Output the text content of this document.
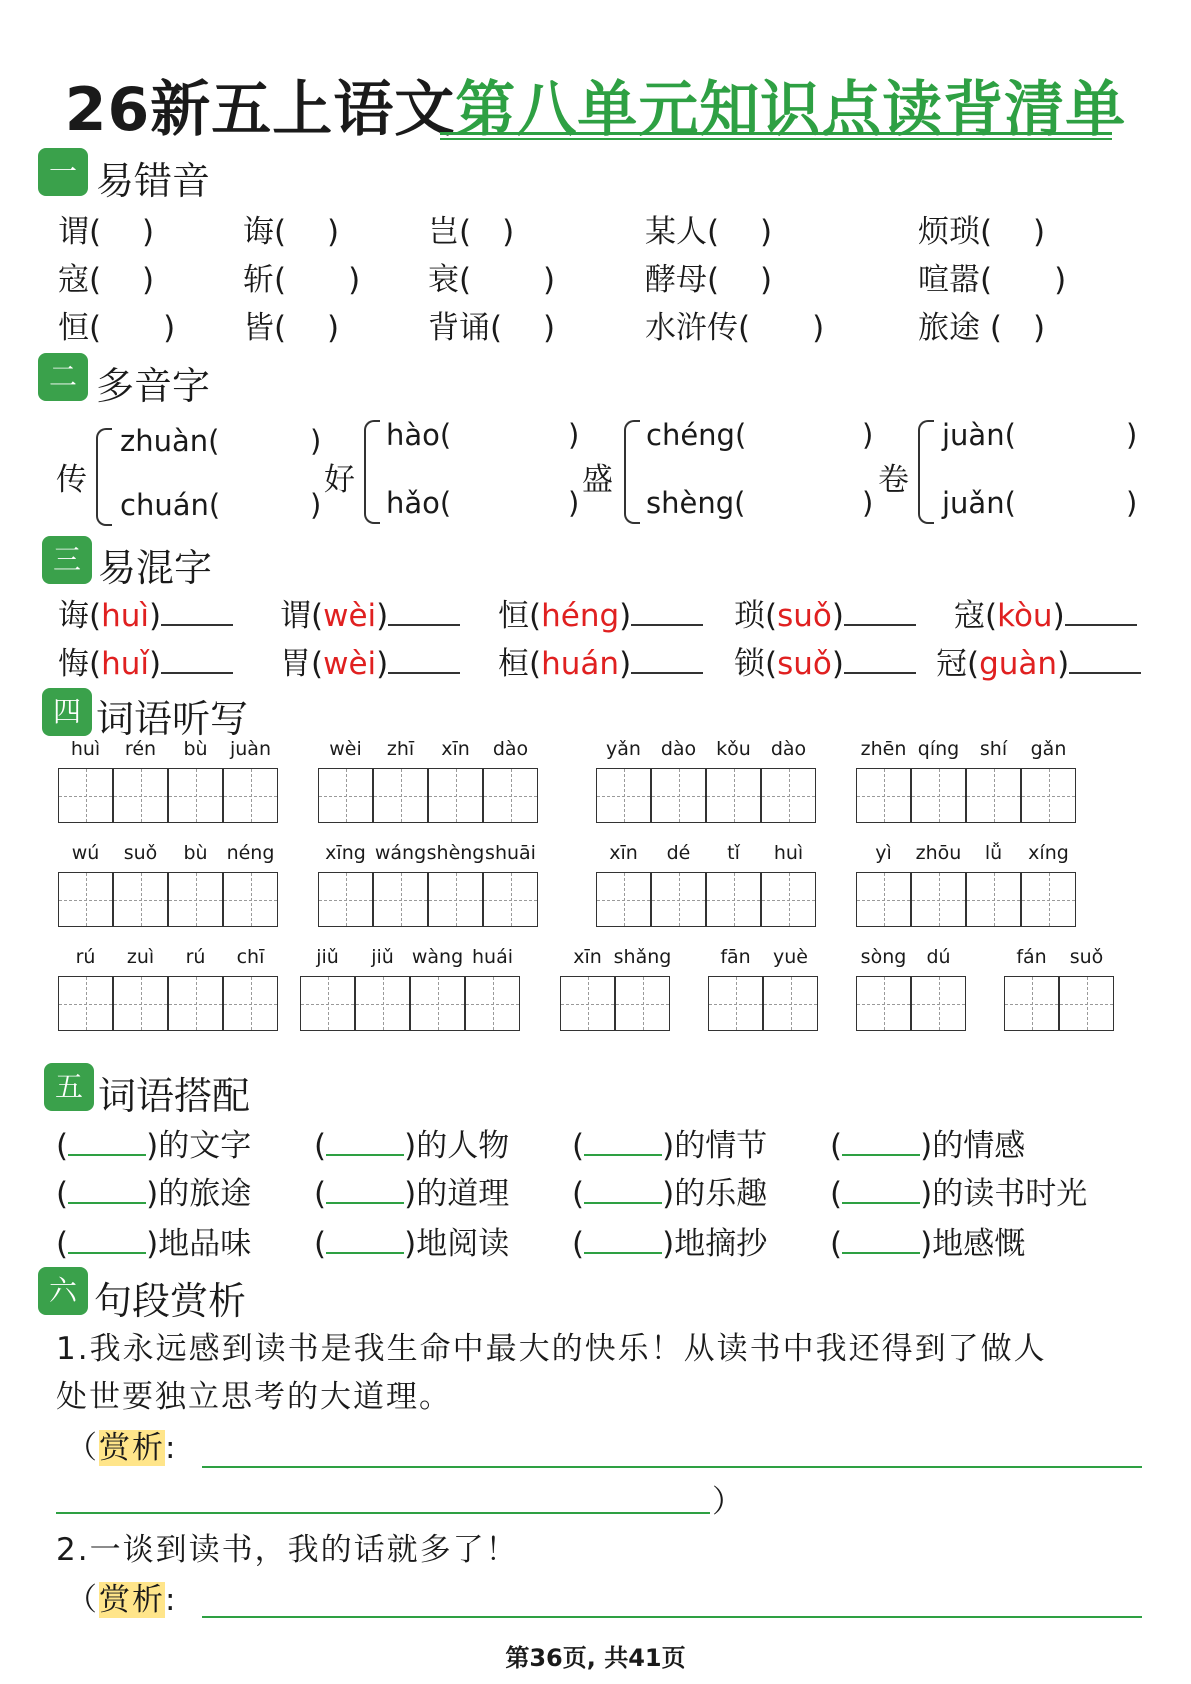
26新五上语文第八单元知识点读背清单
一 易错音
二 多音字
三 易混字
四 词语听写
五 词语搭配
六 句段赏析
谓(　 )	诲(　 )	岂(　)	某人(　 )	烦琐(　 )
寇(　 )	斩(　　) 衰(　　 )	酵母(　 )	喧嚣(　　)
恒(　　) 皆(　 )	背诵(　 )	水浒传(　　)	旅途 (　)
传
zhuàn(
chuán(
)
)
好
hào(
hǎo(
)
)
盛
chéng(
shèng(
)
)
卷
juàn(
juǎn(
)
)
诲(huì)	谓(wèi)	恒(héng)	琐(suǒ)	寇(kòu)
悔(huǐ)	胃(wèi)	桓(huán)	锁(suǒ)	冠(guàn)
huì	rén	bù	juàn	wèi	zhī	xīn	dào	yǎn	dào	kǒu	dào	zhēn qíng	shí	gǎn
wú	suǒ	bù	néng	xīng wáng shèng shuāi	xīn	dé	tǐ	huì	yì	zhōu	lǚ	xíng
rú	zuì	rú	chī	jiǔ	jiǔ wàng huái	xīn shǎng	fān	yuè	sòng	dú	fán	suǒ
(	)的文字 (	)的人物 (	)的情节 (	)的情感
(	)的旅途 (	)的道理 (	)的乐趣 (	)的读书时光
(	)地品味 (	)地阅读 (	)地摘抄 (	)地感慨
1.我永远感到读书是我生命中最大的快乐！从读书中我还得到了做人
处世要独立思考的大道理。
（赏析:
）
2.一谈到读书，我的话就多了！
（赏析:
第36页, 共41页
